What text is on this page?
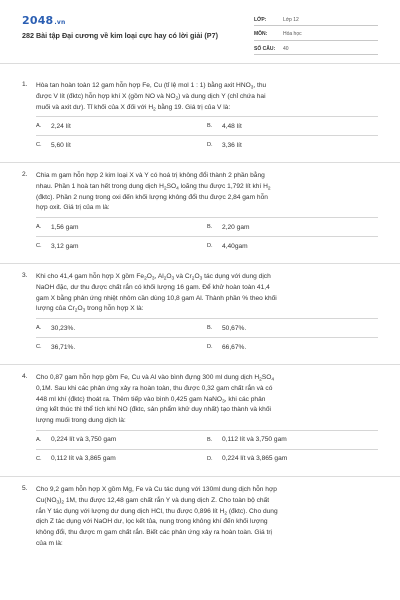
2048.vn
282 Bài tập Đại cương về kim loại cực hay có lời giải (P7)
LỚP:	Lớp 12
MÔN:	Hóa học
SỐ CÂU:	40
1. Hòa tan hoàn toàn 12 gam hỗn hợp Fe, Cu (tỉ lệ mol 1 : 1) bằng axit $HNO_3$, thu
được V lít (đktc) hỗn hợp khí X (gồm NO và $NO_2$) và dung dịch Y (chỉ chứa hai
muối và axit dư). Tỉ khối của X đối với $H_2$ bằng 19. Giá trị của V là:
A.	2,24 lít	B.	4,48 lít
C.	5,60 lít	D.	3,36 lít
2. Chia m gam hỗn hợp 2 kim loại X và Y có hoá trị không đổi thành 2 phần bằng
nhau. Phần 1 hoà tan hết trong dung dịch $H_2SO_4$ loãng thu được 1,792 lít khí $H_2$
(đktc). Phần 2 nung trong oxi đến khối lượng không đổi thu được 2,84 gam hỗn
hợp oxit. Giá trị của m là:
A.	1,56 gam	B.	2,20 gam
C.	3,12 gam	D.	4,40gam
3. Khi cho 41,4 gam hỗn hợp X gồm $Fe_2O_3$, $Al_2O_3$ và $Cr_2O_3$ tác dụng với dung dịch
NaOH đặc, dư thu được chất rắn có khối lượng 16 gam. Để khử hoàn toàn 41,4
gam X bằng phản ứng nhiệt nhôm cần dùng 10,8 gam Al. Thành phần % theo khối
lượng của $Cr_2O_3$ trong hỗn hợp X là:
A.	30,23%.	B.	50,67%.
C.	36,71%.	D.	66,67%.
4. Cho 0,87 gam hỗn hợp gồm Fe, Cu và Al vào bình đựng 300 ml dung dịch $H_2SO_4$
0,1M. Sau khi các phản ứng xảy ra hoàn toàn, thu được 0,32 gam chất rắn và có
448 ml khí (đktc) thoát ra. Thêm tiếp vào bình 0,425 gam NaNO$_3$, khi các phản
ứng kết thúc thì thể tích khí NO (đktc, sản phẩm khử duy nhất) tạo thành và khối
lượng muối trong dung dịch là:
A.	0,224 lít và 3,750 gam	B.	0,112 lít và 3,750 gam
C.	0,112 lít và 3,865 gam	D.	0,224 lít và 3,865 gam
5. Cho 9,2 gam hỗn hợp X gồm Mg, Fe và Cu tác dụng với 130ml dung dịch hỗn hợp
$Cu(NO_3)_2$ 1M, thu được 12,48 gam chất rắn Y và dung dịch Z. Cho toàn bộ chất
rắn Y tác dụng với lượng dư dung dịch HCl, thu được 0,896 lít $H_2$ (đktc). Cho dung
dịch Z tác dụng với NaOH dư, lọc kết tủa, nung trong không khí đến khối lượng
không đổi, thu được m gam chất rắn. Biết các phản ứng xảy ra hoàn toàn. Giá trị
của m là:
